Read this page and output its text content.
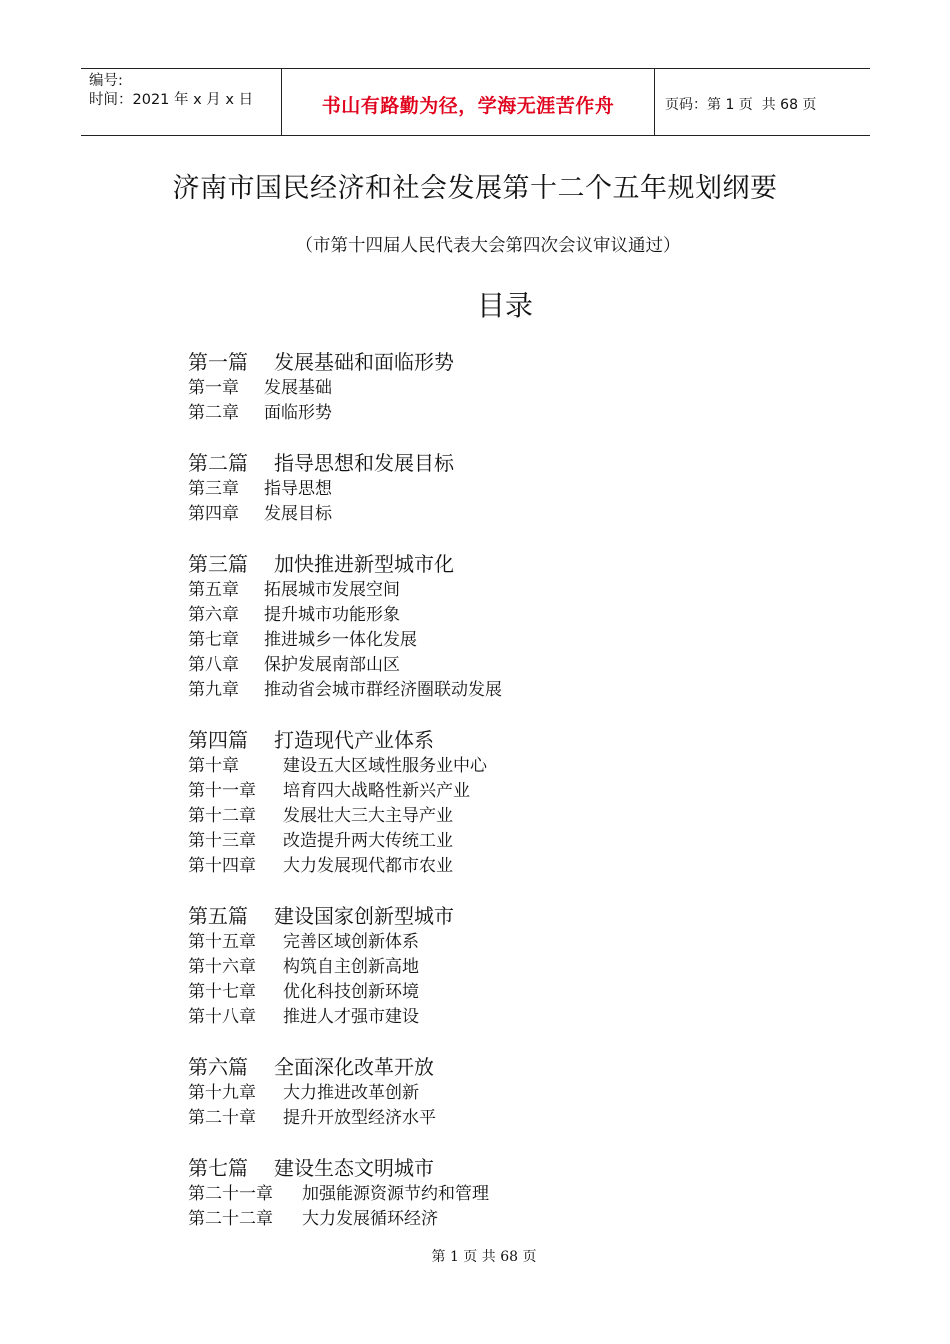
编号:
时间：2021 年 x 月 x 日	书山有路勤为径，学海无涯苦作舟	页码：第 1 页  共 68 页
济南市国民经济和社会发展第十二个五年规划纲要
（市第十四届人民代表大会第四次会议审议通过）
目录
第一篇 发展基础和面临形势
第一章 发展基础
第二章 面临形势
第二篇 指导思想和发展目标
第三章 指导思想
第四章 发展目标
第三篇 加快推进新型城市化
第五章 拓展城市发展空间
第六章 提升城市功能形象
第七章 推进城乡一体化发展
第八章 保护发展南部山区
第九章 推动省会城市群经济圈联动发展
第四篇 打造现代产业体系
第十章	建设五大区域性服务业中心
第十一章 培育四大战略性新兴产业
第十二章 发展壮大三大主导产业
第十三章 改造提升两大传统工业
第十四章 大力发展现代都市农业
第五篇 建设国家创新型城市
第十五章 完善区域创新体系
第十六章 构筑自主创新高地
第十七章 优化科技创新环境
第十八章 推进人才强市建设
第六篇 全面深化改革开放
第十九章 大力推进改革创新
第二十章 提升开放型经济水平
第七篇 建设生态文明城市
第二十一章 加强能源资源节约和管理
第二十二章 大力发展循环经济
第 1 页 共 68 页
